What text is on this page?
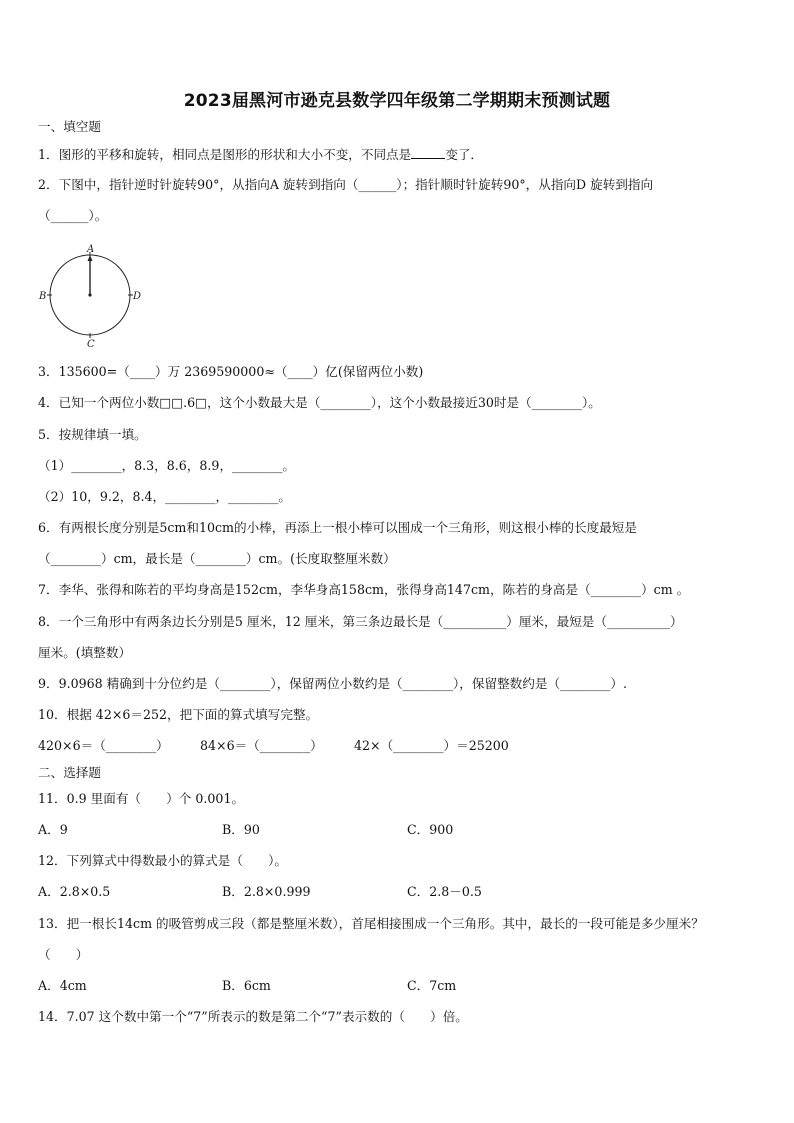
2023届黑河市逊克县数学四年级第二学期期末预测试题
一、填空题
1．图形的平移和旋转，相同点是图形的形状和大小不变，不同点是	变了．
2．下图中，指针逆时针旋转90°，从指向A 旋转到指向（______）；指针顺时针旋转90°，从指向D 旋转到指向
（______）。
A
B
C
D
3．135600=（____）万 2369590000≈（____）亿(保留两位小数)
4．已知一个两位小数□□.6□，这个小数最大是（________），这个小数最接近30时是（________）。
5．按规律填一填。
（1）________，8.3，8.6，8.9，________。
（2）10，9.2，8.4，________，________。
6．有两根长度分别是5cm和10cm的小棒，再添上一根小棒可以围成一个三角形，则这根小棒的长度最短是
（________）cm，最长是（________）cm。(长度取整厘米数）
7．李华、张得和陈若的平均身高是152cm，李华身高158cm，张得身高147cm，陈若的身高是（________）cm 。
8．一个三角形中有两条边长分别是5 厘米，12 厘米，第三条边最长是（__________）厘米，最短是（__________）
厘米。(填整数）
9．9.0968 精确到十分位约是（________），保留两位小数约是（________），保留整数约是（________）.
10．根据 42×6＝252，把下面的算式填写完整。
420×6＝（________） 84×6＝（________） 42×（________）＝25200
二、选择题
11．0.9 里面有（　　）个 0.001。
A．9	B．90	C．900
12．下列算式中得数最小的算式是（　　）。
A．2.8×0.5	B．2.8×0.999	C．2.8－0.5
13．把一根长14cm 的吸管剪成三段（都是整厘米数），首尾相接围成一个三角形。其中，最长的一段可能是多少厘米？
（　　）
A．4cm	B．6cm	C．7cm
14．7.07 这个数中第一个“7”所表示的数是第二个“7”表示数的（　　）倍。
